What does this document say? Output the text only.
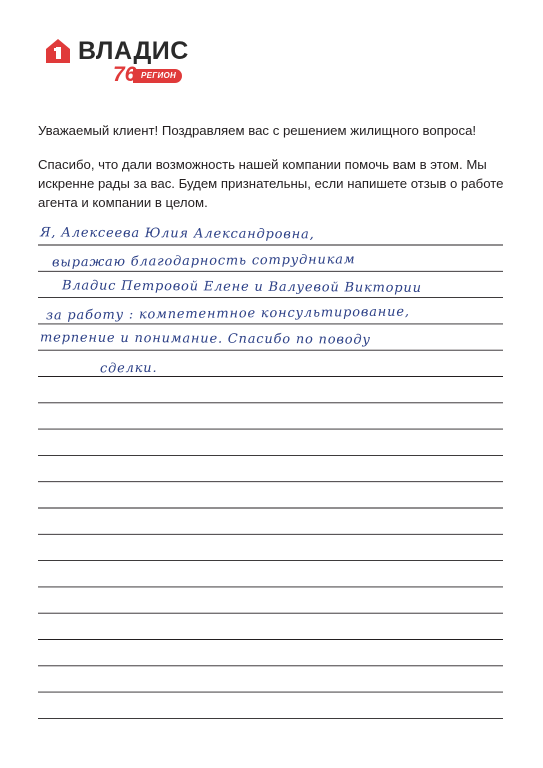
ВЛАДИС
РЕГИОН
76

Уважаемый клиент! Поздравляем вас с решением жилищного вопроса!

Спасибо, что дали возможность нашей компании помочь вам в этом. Мы искренне рады за вас. Будем признательны, если напишете отзыв о работе агента и компании в целом.

Я, Алексеева Юлия Александровна,
выражаю благодарность сотрудникам
Владис Петровой Елене и Валуевой Виктории
за работу : компетентное консультирование,
терпение и понимание. Спасибо по поводу
сделки.
